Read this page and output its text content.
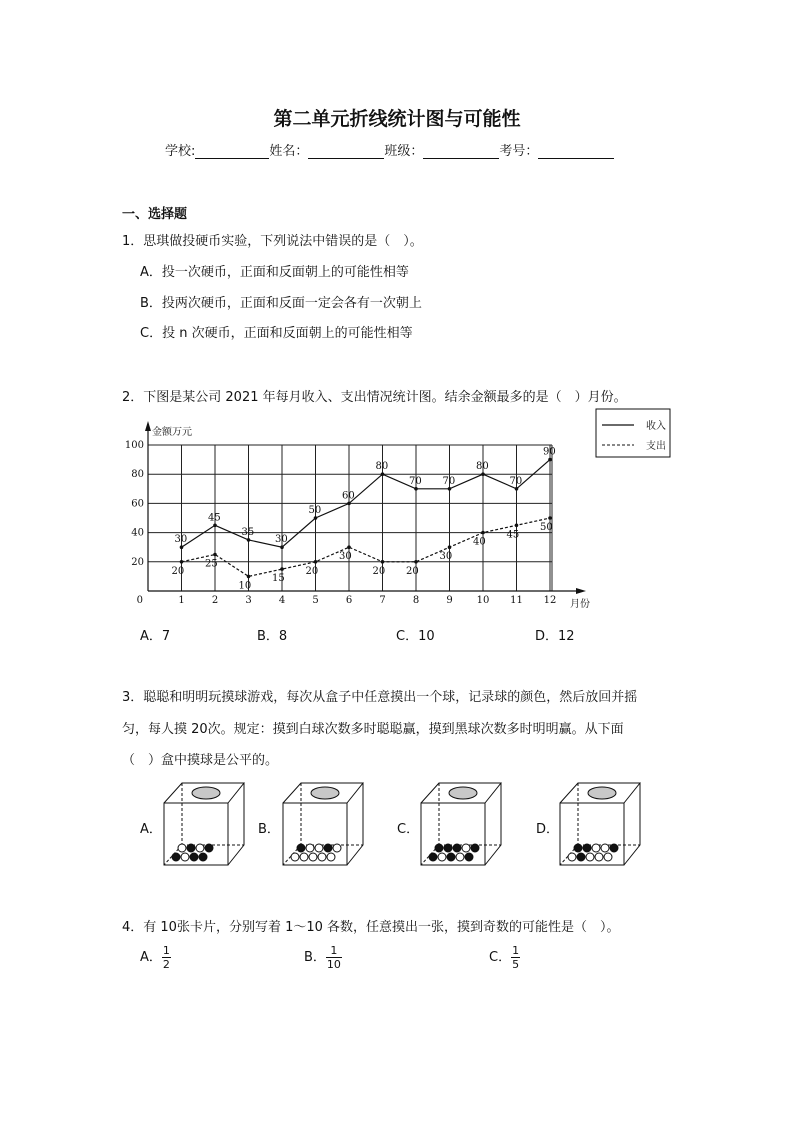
第二单元折线统计图与可能性
学校:	姓名：	班级：	考号：
一、选择题
1．思琪做投硬币实验，下列说法中错误的是（　）。
A．投一次硬币，正面和反面朝上的可能性相等
B．投两次硬币，正面和反面一定会各有一次朝上
C．投 n 次硬币，正面和反面朝上的可能性相等
2．下图是某公司 2021 年每月收入、支出情况统计图。结余金额最多的是（　）月份。
金额万元
月份
0
20
40
60
80
100
1	2	3	4	5	6	7	8	9 10 11 12
30
45
35
30
50
60
80
70 70
80
70
90
20
25
10
15
20
30
20 20
30
40
45
50
收入
支出
A．7	B．8	C．10	D．12
3．聪聪和明明玩摸球游戏，每次从盒子中任意摸出一个球，记录球的颜色，然后放回并摇
匀，每人摸 20次。规定：摸到白球次数多时聪聪赢，摸到黑球次数多时明明赢。从下面
（　）盒中摸球是公平的。
A．	B．	C．	D．
4．有 10张卡片，分别写着 1～10 各数，任意摸出一张，摸到奇数的可能性是（　）。
A． $\frac{1}{2}$	B． $\frac{1}{10}$	C． $\frac{1}{5}$
